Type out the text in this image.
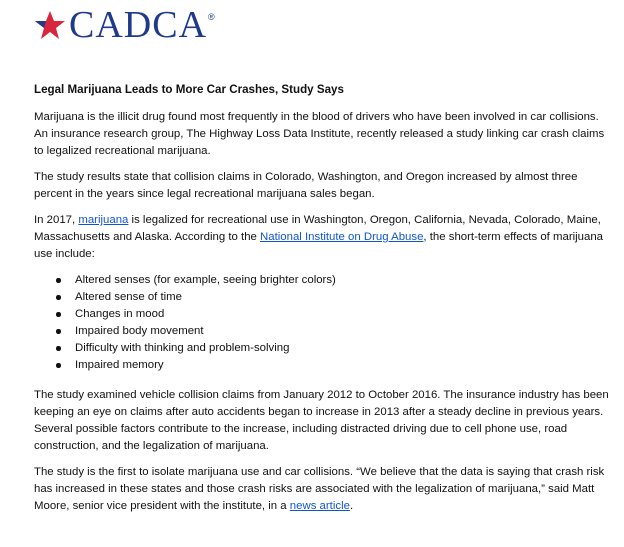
CADCA ®
Legal Marijuana Leads to More Car Crashes, Study Says

Marijuana is the illicit drug found most frequently in the blood of drivers who have been involved in car collisions. An insurance research group, The Highway Loss Data Institute, recently released a study linking car crash claims to legalized recreational marijuana.

The study results state that collision claims in Colorado, Washington, and Oregon increased by almost three percent in the years since legal recreational marijuana sales began.

In 2017, marijuana is legalized for recreational use in Washington, Oregon, California, Nevada, Colorado, Maine, Massachusetts and Alaska. According to the National Institute on Drug Abuse, the short-term effects of marijuana use include:

Altered senses (for example, seeing brighter colors)
Altered sense of time
Changes in mood
Impaired body movement
Difficulty with thinking and problem-solving
Impaired memory

The study examined vehicle collision claims from January 2012 to October 2016. The insurance industry has been keeping an eye on claims after auto accidents began to increase in 2013 after a steady decline in previous years. Several possible factors contribute to the increase, including distracted driving due to cell phone use, road construction, and the legalization of marijuana.

The study is the first to isolate marijuana use and car collisions. “We believe that the data is saying that crash risk has increased in these states and those crash risks are associated with the legalization of marijuana,” said Matt Moore, senior vice president with the institute, in a news article.
